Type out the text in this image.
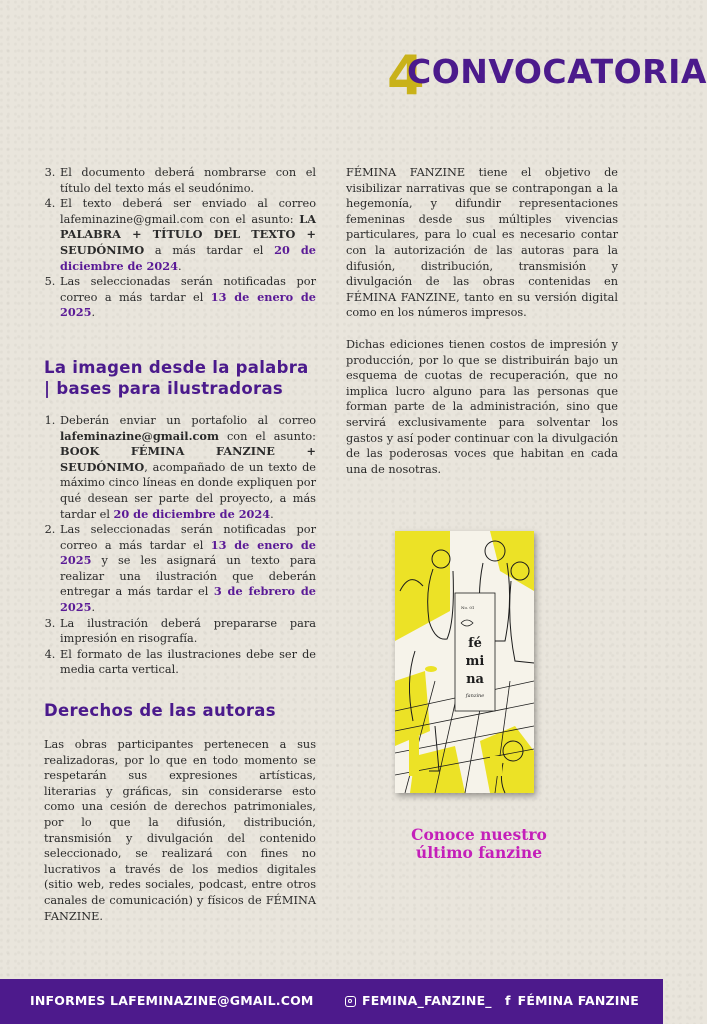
4
CONVOCATORIA
3. El documento deberá nombrarse con el título del texto más el seudónimo.
4. El texto deberá ser enviado al correo lafeminazine@gmail.com con el asunto: LA PALABRA + TÍTULO DEL TEXTO + SEUDÓNIMO a más tardar el 20 de diciembre de 2024.
5. Las seleccionadas serán notificadas por correo a más tardar el 13 de enero de 2025.
La imagen desde la palabra | bases para ilustradoras
1. Deberán enviar un portafolio al correo lafeminazine@gmail.com con el asunto: BOOK FÉMINA FANZINE + SEUDÓNIMO, acompañado de un texto de máximo cinco líneas en donde expliquen por qué desean ser parte del proyecto, a más tardar el 20 de diciembre de 2024.
2. Las seleccionadas serán notificadas por correo a más tardar el 13 de enero de 2025 y se les asignará un texto para realizar una ilustración que deberán entregar a más tardar el 3 de febrero de 2025.
3. La ilustración deberá prepararse para impresión en risografía.
4. El formato de las ilustraciones debe ser de media carta vertical.
Derechos de las autoras

Las obras participantes pertenecen a sus realizadoras, por lo que en todo momento se respetarán sus expresiones artísticas, literarias y gráficas, sin considerarse esto como una cesión de derechos patrimoniales, por lo que la difusión, distribución, transmisión y divulgación del contenido seleccionado, se realizará con fines no lucrativos a través de los medios digitales (sitio web, redes sociales, podcast, entre otros canales de comunicación) y físicos de FÉMINA FANZINE.

FÉMINA FANZINE tiene el objetivo de visibilizar narrativas que se contrapongan a la hegemonía, y difundir representaciones femeninas desde sus múltiples vivencias particulares, para lo cual es necesario contar con la autorización de las autoras para la difusión, distribución, transmisión y divulgación de las obras contenidas en FÉMINA FANZINE, tanto en su versión digital como en los números impresos.

Dichas ediciones tienen costos de impresión y producción, por lo que se distribuirán bajo un esquema de cuotas de recuperación, que no implica lucro alguno para las personas que forman parte de la administración, sino que servirá exclusivamente para solventar los gastos y así poder continuar con la divulgación de las poderosas voces que habitan en cada una de nosotras.

No. 01
fé
mi
na
fanzine
Conoce nuestro
último fanzine
INFORMES LAFEMINAZINE@GMAIL.COM	FEMINA_FANZINE_ f FÉMINA FANZINE
